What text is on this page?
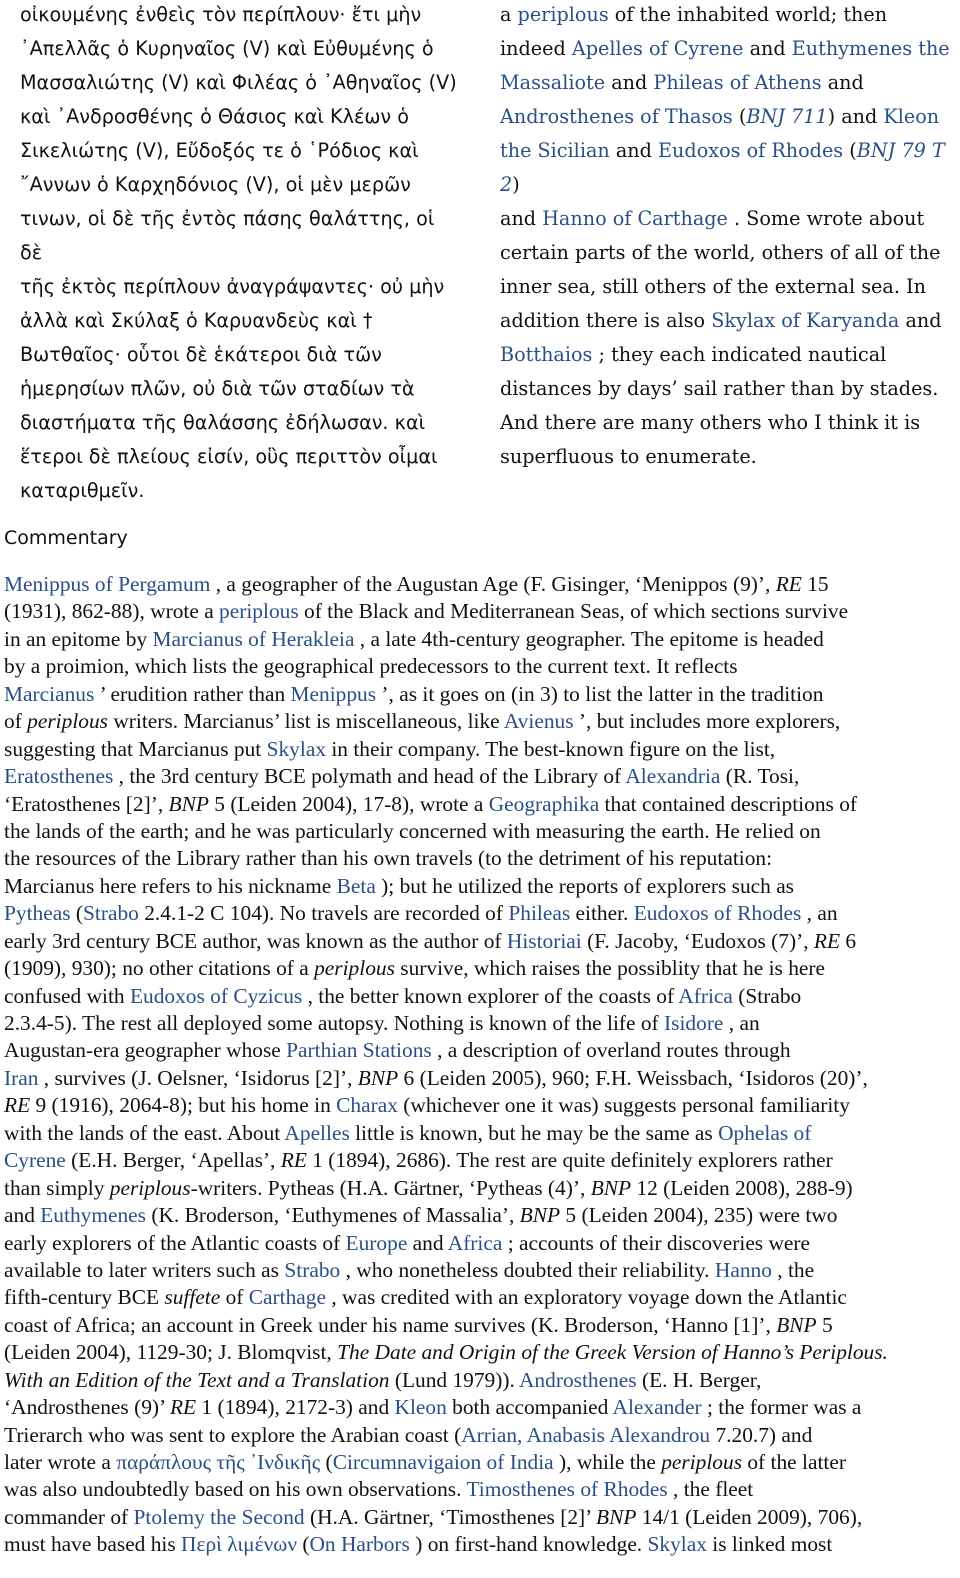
οἰκουμένης ἐνθεὶς τὸν περίπλουν· ἔτι μὴν
᾿Απελλᾶς ὁ Κυρηναῖος (V) καὶ Εὐθυμένης ὁ
Μασσαλιώτης (V) καὶ Φιλέας ὁ ᾿Αθηναῖος (V)
καὶ ᾿Ανδροσθένης ὁ Θάσιος καὶ Κλέων ὁ
Σικελιώτης (V), Εὔδοξός τε ὁ ῾Ρόδιος καὶ
῎Αννων ὁ Καρχηδόνιος (V), οἱ μὲν μερῶν
τινων, οἱ δὲ τῆς ἐντὸς πάσης θαλάττης, οἱ δὲ
τῆς ἐκτὸς περίπλουν ἀναγράψαντες· οὐ μὴν
ἀλλὰ καὶ Σκύλαξ ὁ Καρυανδεὺς καὶ †
Βωτθαῖος· οὗτοι δὲ ἑκάτεροι διὰ τῶν
ἡμερησίων πλῶν, οὐ διὰ τῶν σταδίων τὰ
διαστήματα τῆς θαλάσσης ἐδήλωσαν. καὶ
ἕτεροι δὲ πλείους εἰσίν, οὓς περιττὸν οἶμαι
καταριθμεῖν.
a periplous of the inhabited world; then
indeed Apelles of Cyrene and Euthymenes the
Massaliote and Phileas of Athens and
Androsthenes of Thasos (BNJ 711) and Kleon
the Sicilian and Eudoxos of Rhodes (BNJ 79 T 2)
and Hanno of Carthage . Some wrote about
certain parts of the world, others of all of the
inner sea, still others of the external sea. In
addition there is also Skylax of Karyanda and
Botthaios ; they each indicated nautical
distances by days’ sail rather than by stades.
And there are many others who I think it is
superfluous to enumerate.
Commentary
Menippus of Pergamum , a geographer of the Augustan Age (F. Gisinger, ‘Menippos (9)’, RE 15
(1931), 862-88), wrote a periplous of the Black and Mediterranean Seas, of which sections survive
in an epitome by Marcianus of Herakleia , a late 4th-century geographer. The epitome is headed
by a proimion, which lists the geographical predecessors to the current text. It reflects
Marcianus ’ erudition rather than Menippus ’, as it goes on (in 3) to list the latter in the tradition
of periplous writers. Marcianus’ list is miscellaneous, like Avienus ’, but includes more explorers,
suggesting that Marcianus put Skylax in their company. The best-known figure on the list,
Eratosthenes , the 3rd century BCE polymath and head of the Library of Alexandria (R. Tosi,
‘Eratosthenes [2]’, BNP 5 (Leiden 2004), 17-8), wrote a Geographika that contained descriptions of
the lands of the earth; and he was particularly concerned with measuring the earth. He relied on
the resources of the Library rather than his own travels (to the detriment of his reputation:
Marcianus here refers to his nickname Beta ); but he utilized the reports of explorers such as
Pytheas (Strabo 2.4.1-2 C 104). No travels are recorded of Phileas either. Eudoxos of Rhodes , an
early 3rd century BCE author, was known as the author of Historiai (F. Jacoby, ‘Eudoxos (7)’, RE 6
(1909), 930); no other citations of a periplous survive, which raises the possiblity that he is here
confused with Eudoxos of Cyzicus , the better known explorer of the coasts of Africa (Strabo
2.3.4-5). The rest all deployed some autopsy. Nothing is known of the life of Isidore , an
Augustan-era geographer whose Parthian Stations , a description of overland routes through
Iran , survives (J. Oelsner, ‘Isidorus [2]’, BNP 6 (Leiden 2005), 960; F.H. Weissbach, ‘Isidoros (20)’,
RE 9 (1916), 2064-8); but his home in Charax (whichever one it was) suggests personal familiarity
with the lands of the east. About Apelles little is known, but he may be the same as Ophelas of
Cyrene (E.H. Berger, ‘Apellas’, RE 1 (1894), 2686). The rest are quite definitely explorers rather
than simply periplous-writers. Pytheas (H.A. Gärtner, ‘Pytheas (4)’, BNP 12 (Leiden 2008), 288-9)
and Euthymenes (K. Broderson, ‘Euthymenes of Massalia’, BNP 5 (Leiden 2004), 235) were two
early explorers of the Atlantic coasts of Europe and Africa ; accounts of their discoveries were
available to later writers such as Strabo , who nonetheless doubted their reliability. Hanno , the
fifth-century BCE suffete of Carthage , was credited with an exploratory voyage down the Atlantic
coast of Africa; an account in Greek under his name survives (K. Broderson, ‘Hanno [1]’, BNP 5
(Leiden 2004), 1129-30; J. Blomqvist, The Date and Origin of the Greek Version of Hanno’s Periplous.
With an Edition of the Text and a Translation (Lund 1979)). Androsthenes (E. H. Berger,
‘Androsthenes (9)’ RE 1 (1894), 2172-3) and Kleon both accompanied Alexander ; the former was a
Trierarch who was sent to explore the Arabian coast (Arrian, Anabasis Alexandrou 7.20.7) and
later wrote a παράπλους τῆς ᾿Ινδικῆς (Circumnavigaion of India ), while the periplous of the latter
was also undoubtedly based on his own observations. Timosthenes of Rhodes , the fleet
commander of Ptolemy the Second (H.A. Gärtner, ‘Timosthenes [2]’ BNP 14/1 (Leiden 2009), 706),
must have based his Περὶ λιμένων (On Harbors ) on first-hand knowledge. Skylax is linked most
